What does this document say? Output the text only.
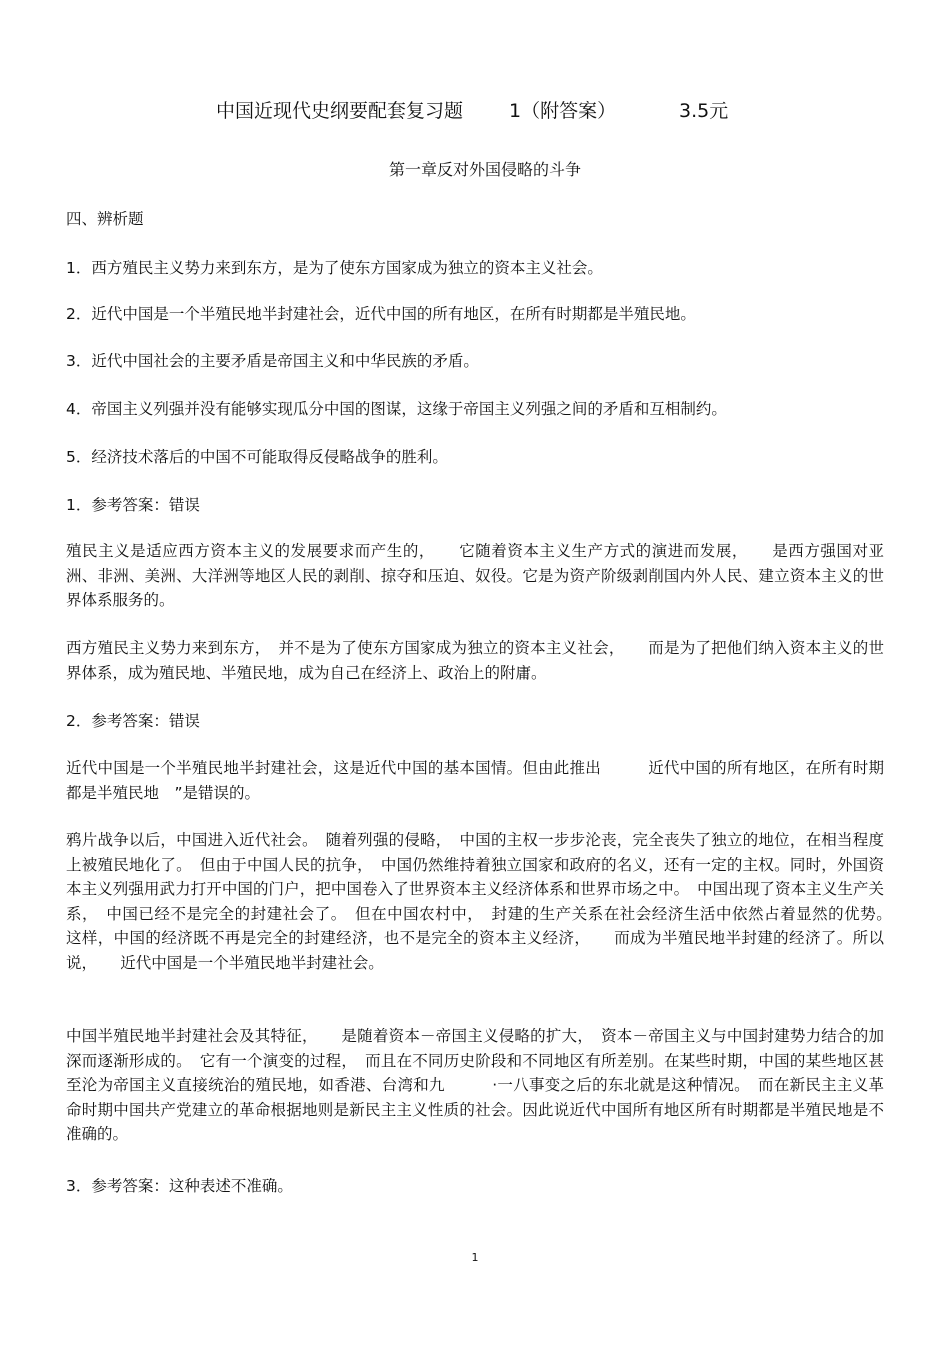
中国近现代史纲要配套复习题 1（附答案）	3.5元
第一章反对外国侵略的斗争
四、辨析题
1．西方殖民主义势力来到东方，是为了使东方国家成为独立的资本主义社会。
2．近代中国是一个半殖民地半封建社会，近代中国的所有地区，在所有时期都是半殖民地。
3．近代中国社会的主要矛盾是帝国主义和中华民族的矛盾。
4．帝国主义列强并没有能够实现瓜分中国的图谋，这缘于帝国主义列强之间的矛盾和互相制约。
5．经济技术落后的中国不可能取得反侵略战争的胜利。
1．参考答案：错误
殖民主义是适应西方资本主义的发展要求而产生的，　　它随着资本主义生产方式的演进而发展，　　是西方强国对亚洲、非洲、美洲、大洋洲等地区人民的剥削、掠夺和压迫、奴役。它是为资产阶级剥削国内外人民、建立资本主义的世界体系服务的。
西方殖民主义势力来到东方，　并不是为了使东方国家成为独立的资本主义社会，　　而是为了把他们纳入资本主义的世界体系，成为殖民地、半殖民地，成为自己在经济上、政治上的附庸。
2．参考答案：错误
近代中国是一个半殖民地半封建社会，这是近代中国的基本国情。但由此推出　　　近代中国的所有地区，在所有时期都是半殖民地　”是错误的。
鸦片战争以后，中国进入近代社会。　随着列强的侵略，　中国的主权一步步沦丧，完全丧失了独立的地位，在相当程度上被殖民地化了。　但由于中国人民的抗争，　中国仍然维持着独立国家和政府的名义，还有一定的主权。同时，外国资本主义列强用武力打开中国的门户，把中国卷入了世界资本主义经济体系和世界市场之中。　中国出现了资本主义生产关系，　中国已经不是完全的封建社会了。　但在中国农村中，　封建的生产关系在社会经济生活中依然占着显然的优势。　　这样，中国的经济既不再是完全的封建经济，也不是完全的资本主义经济，　　而成为半殖民地半封建的经济了。所以说，　　近代中国是一个半殖民地半封建社会。
中国半殖民地半封建社会及其特征，　　是随着资本－帝国主义侵略的扩大，　资本－帝国主义与中国封建势力结合的加深而逐渐形成的。　它有一个演变的过程，　而且在不同历史阶段和不同地区有所差别。在某些时期，中国的某些地区甚至沦为帝国主义直接统治的殖民地，如香港、台湾和九　　　·一八事变之后的东北就是这种情况。　而在新民主主义革命时期中国共产党建立的革命根据地则是新民主主义性质的社会。因此说近代中国所有地区所有时期都是半殖民地是不准确的。
3．参考答案：这种表述不准确。
1
